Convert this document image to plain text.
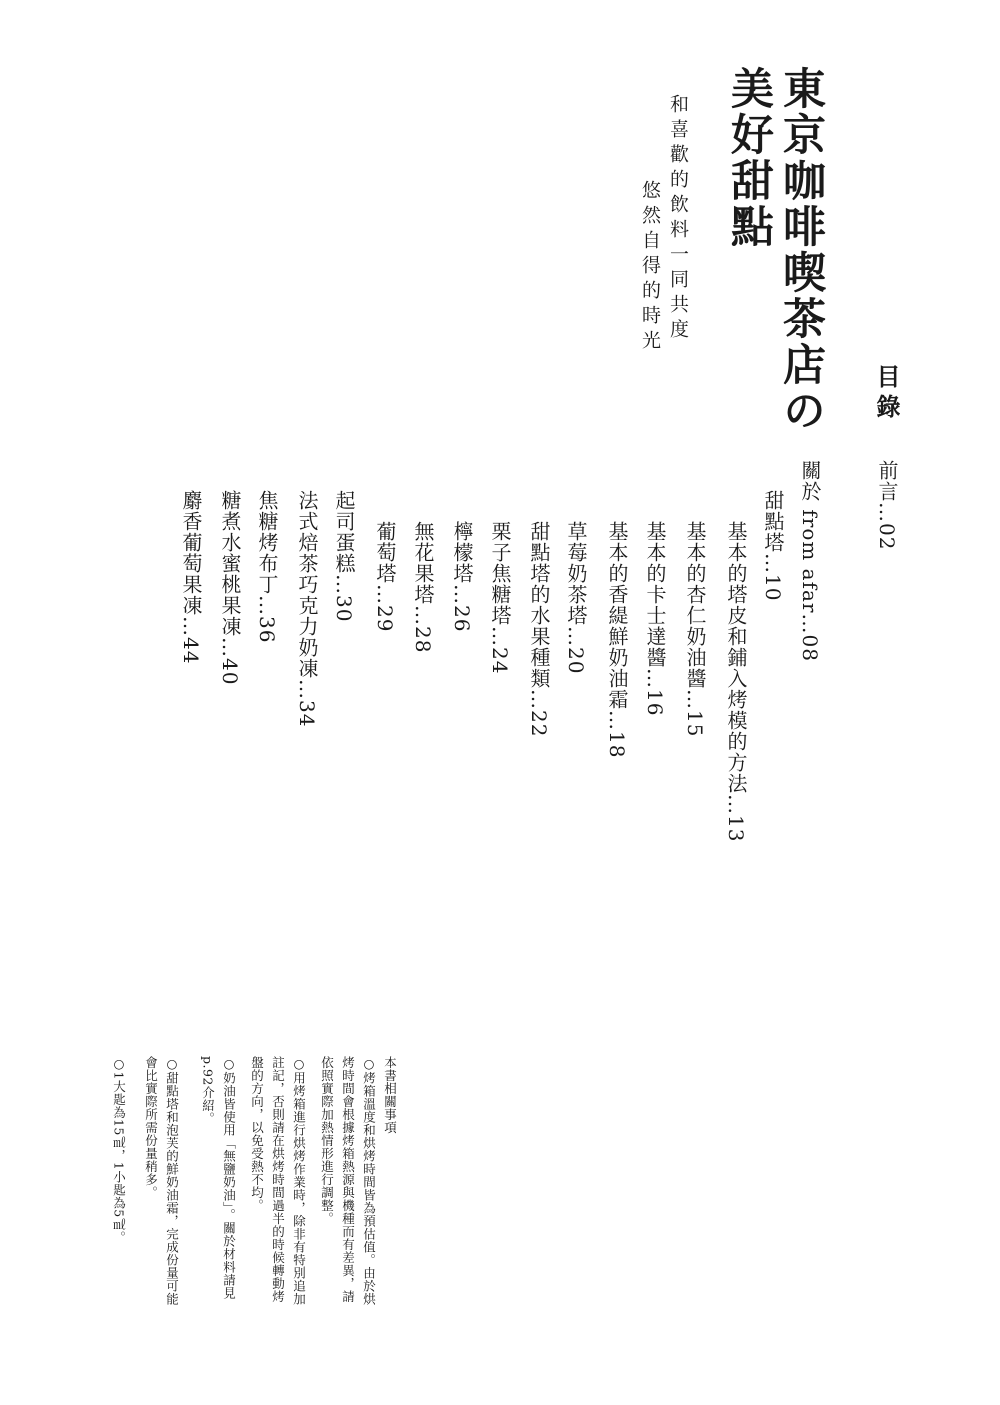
東京咖啡喫茶店の
美好甜點

和喜歡的飲料一同共度

悠然自得的時光

目錄
前言…02
關於 from afar…08
甜點塔…10
基本的塔皮和鋪入烤模的方法…13
基本的杏仁奶油醬…15
基本的卡士達醬…16
基本的香緹鮮奶油霜…18
草莓奶茶塔…20
甜點塔的水果種類…22
栗子焦糖塔…24
檸檬塔…26
無花果塔…28
葡萄塔…29
起司蛋糕…30
法式焙茶巧克力奶凍…34
焦糖烤布丁…36
糖煮水蜜桃果凍…40
麝香葡萄果凍…44

本書相關事項

○烤箱溫度和烘烤時間皆為預估值。由於烘

烤時間會根據烤箱熱源與機種而有差異，請

依照實際加熱情形進行調整。

○用烤箱進行烘烤作業時，除非有特別追加

註記，否則請在烘烤時間過半的時候轉動烤

盤的方向，以免受熱不均。

○奶油皆使用「無鹽奶油」。關於材料請見

p.92介紹。

○甜點塔和泡芙的鮮奶油霜，完成份量可能

會比實際所需份量稍多。

○1大匙為15㎖，1小匙為5㎖。
